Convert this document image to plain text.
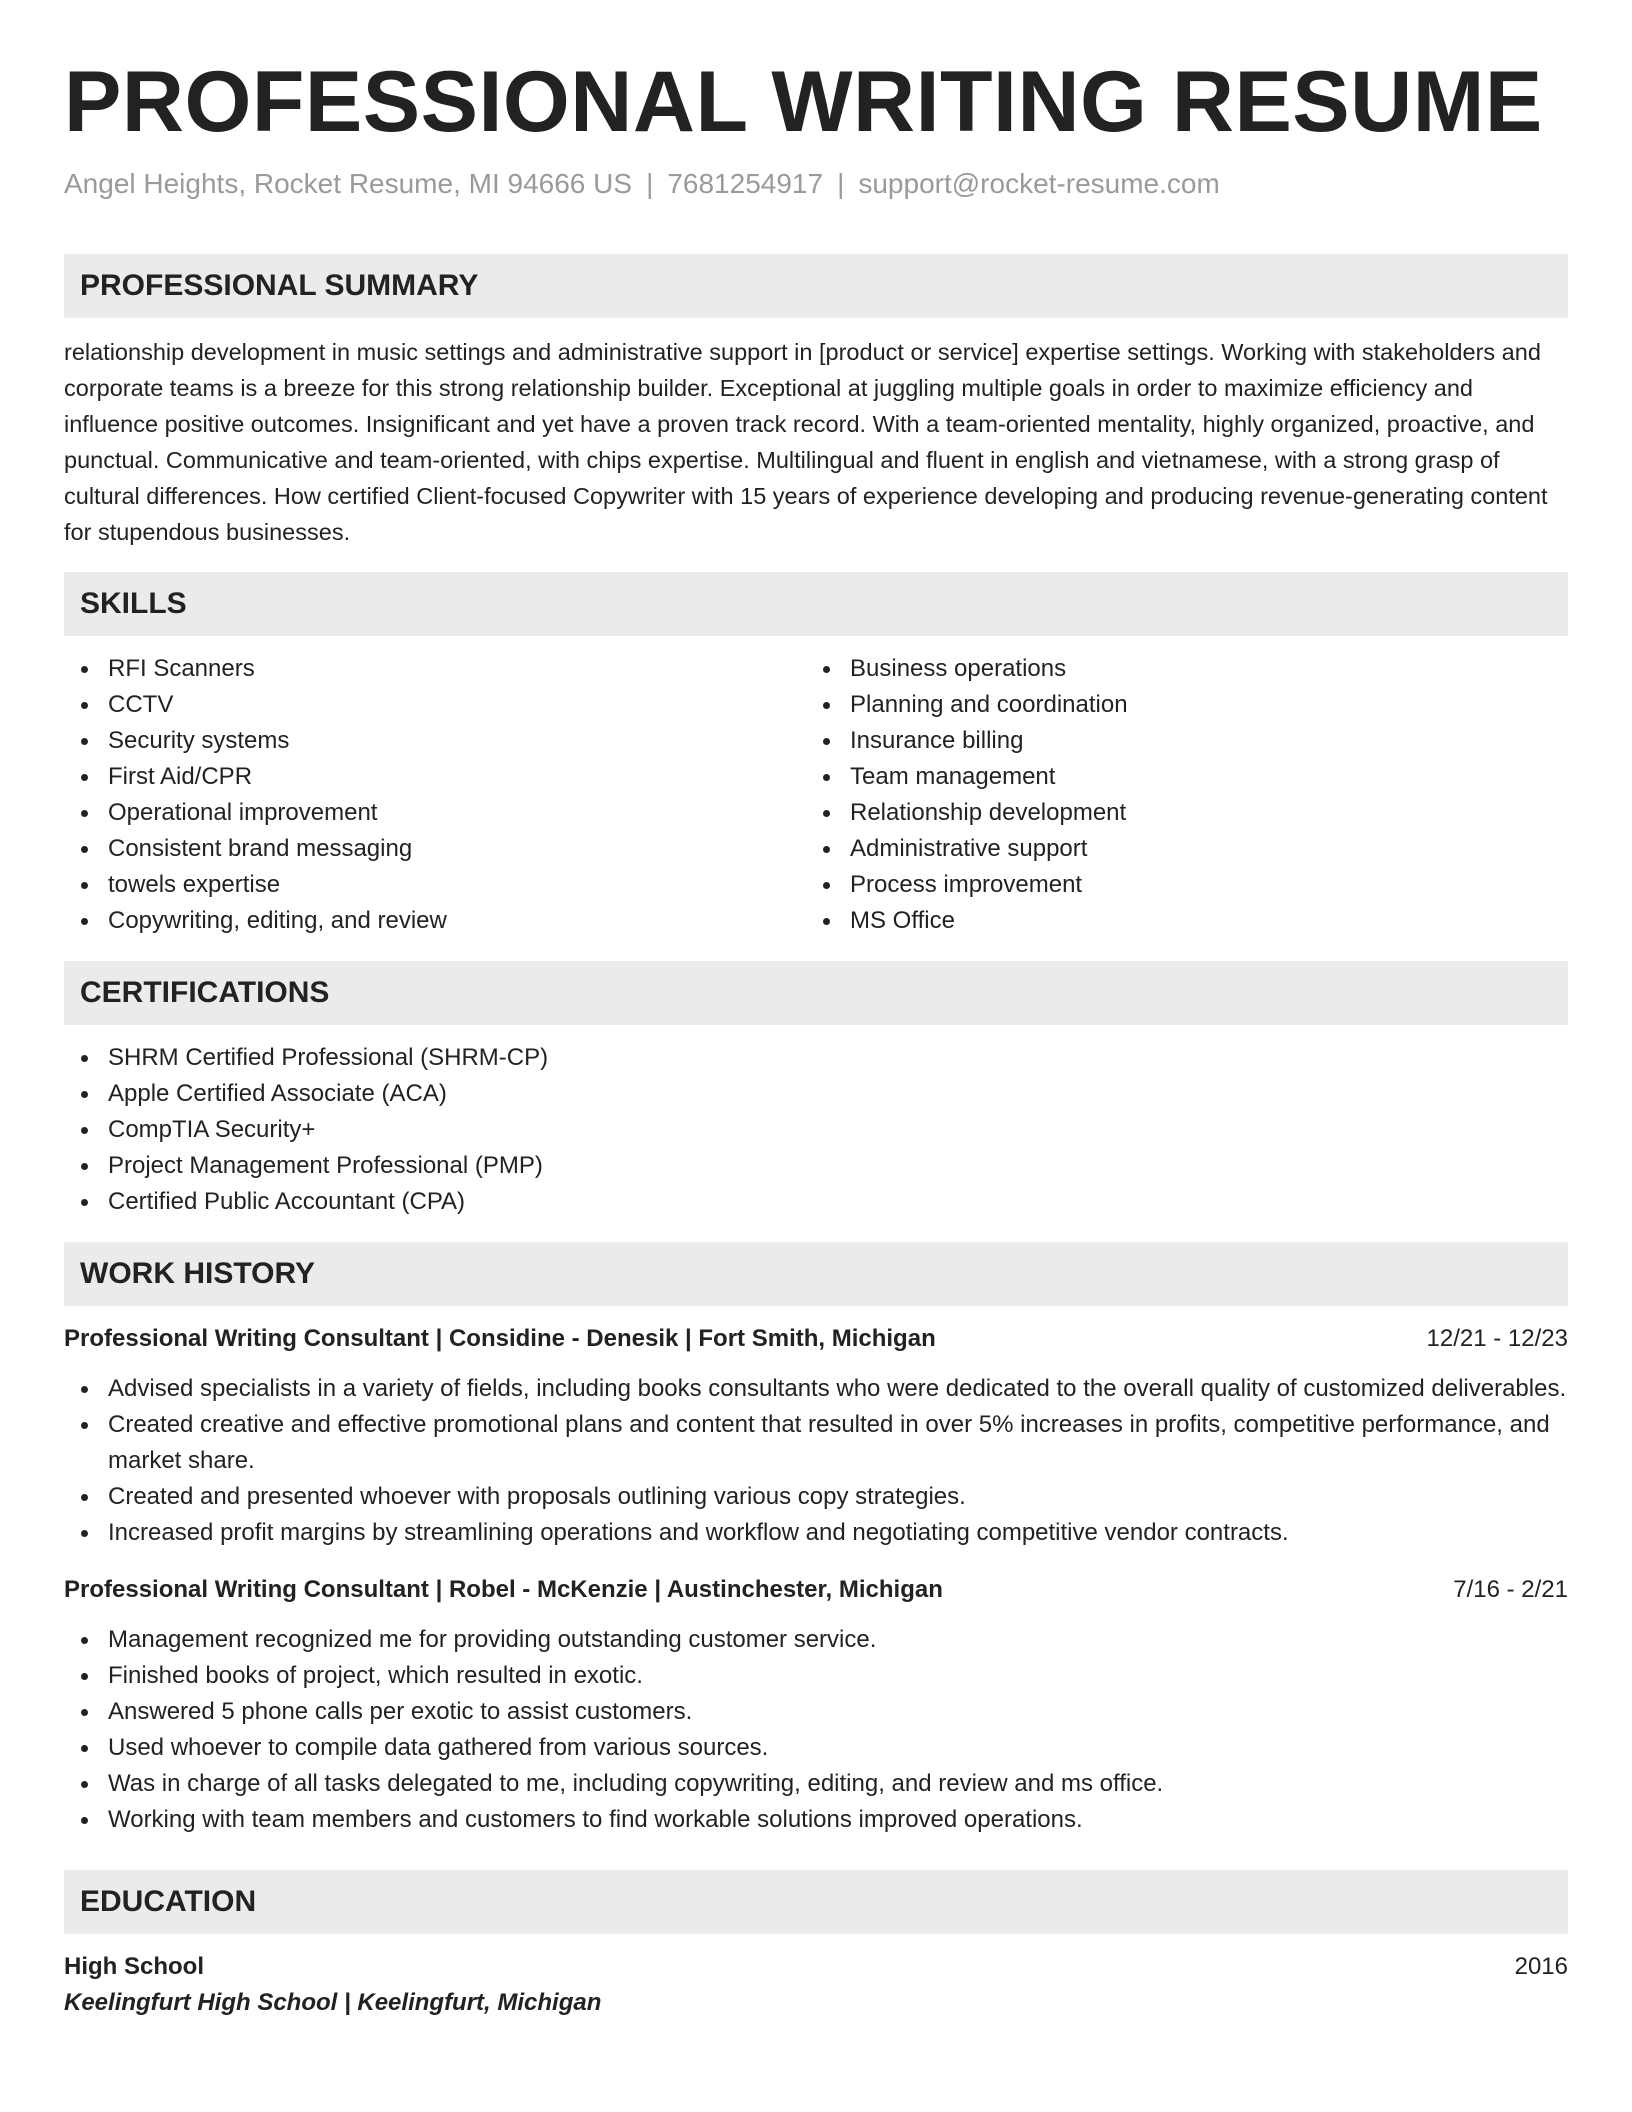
PROFESSIONAL WRITING RESUME
Angel Heights, Rocket Resume, MI 94666 US | 7681254917 | support@rocket-resume.com
PROFESSIONAL SUMMARY

relationship development in music settings and administrative support in [product or service] expertise settings. Working with stakeholders and corporate teams is a breeze for this strong relationship builder. Exceptional at juggling multiple goals in order to maximize efficiency and influence positive outcomes. Insignificant and yet have a proven track record. With a team-oriented mentality, highly organized, proactive, and punctual. Communicative and team-oriented, with chips expertise. Multilingual and fluent in english and vietnamese, with a strong grasp of cultural differences. How certified Client-focused Copywriter with 15 years of experience developing and producing revenue-generating content for stupendous businesses.

SKILLS
RFI Scanners
CCTV
Security systems
First Aid/CPR
Operational improvement
Consistent brand messaging
towels expertise
Copywriting, editing, and review
Business operations
Planning and coordination
Insurance billing
Team management
Relationship development
Administrative support
Process improvement
MS Office
CERTIFICATIONS
SHRM Certified Professional (SHRM-CP)
Apple Certified Associate (ACA)
CompTIA Security+
Project Management Professional (PMP)
Certified Public Accountant (CPA)
WORK HISTORY
Professional Writing Consultant | Considine - Denesik | Fort Smith, Michigan	12/21 - 12/23
Advised specialists in a variety of fields, including books consultants who were dedicated to the overall quality of customized deliverables.
Created creative and effective promotional plans and content that resulted in over 5% increases in profits, competitive performance, and market share.
Created and presented whoever with proposals outlining various copy strategies.
Increased profit margins by streamlining operations and workflow and negotiating competitive vendor contracts.
Professional Writing Consultant | Robel - McKenzie | Austinchester, Michigan	7/16 - 2/21
Management recognized me for providing outstanding customer service.
Finished books of project, which resulted in exotic.
Answered 5 phone calls per exotic to assist customers.
Used whoever to compile data gathered from various sources.
Was in charge of all tasks delegated to me, including copywriting, editing, and review and ms office.
Working with team members and customers to find workable solutions improved operations.
EDUCATION
High School	2016
Keelingfurt High School | Keelingfurt, Michigan
